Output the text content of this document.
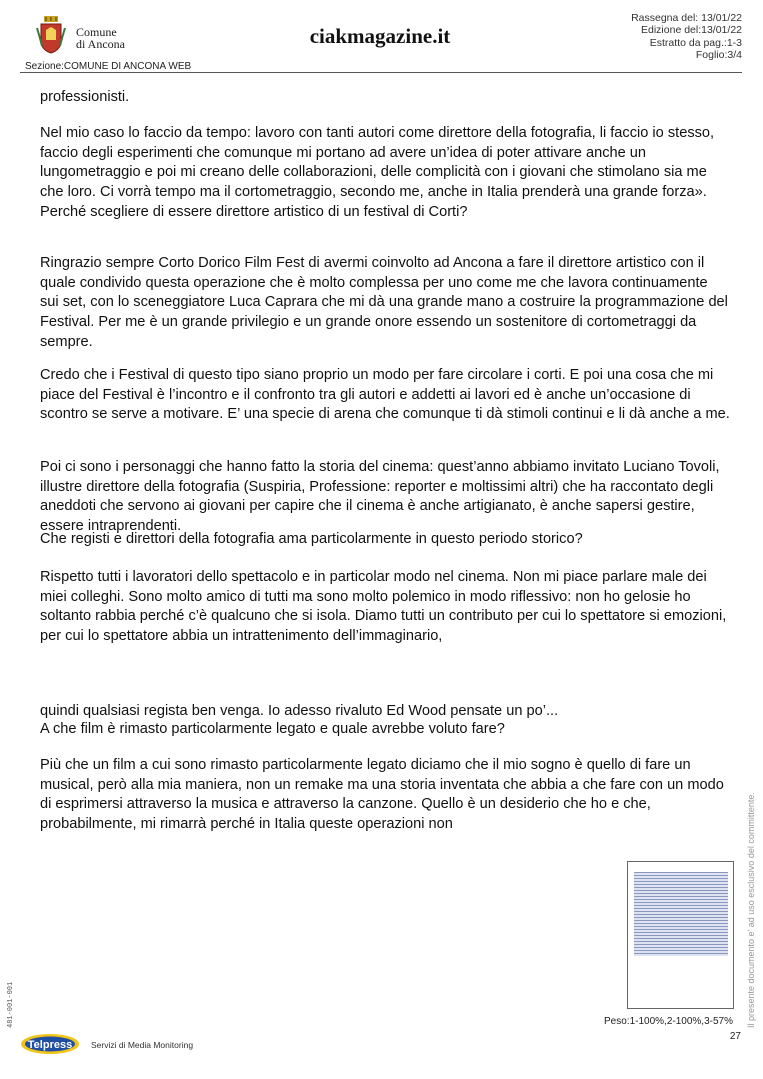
Comune
di Ancona	ciakmagazine.it
Rassegna del: 13/01/22
Edizione del:13/01/22
Estratto da pag.:1-3
Foglio:3/4
Sezione:COMUNE DI ANCONA WEB

professionisti.

Nel mio caso lo faccio da tempo: lavoro con tanti autori come direttore della fotografia, li faccio io stesso, faccio degli esperimenti che comunque mi portano ad avere un’idea di poter attivare anche un lungometraggio e poi mi creano delle collaborazioni, delle complicità con i giovani che stimolano sia me che loro. Ci vorrà tempo ma il cortometraggio, secondo me, anche in Italia prenderà una grande forza».
Perché scegliere di essere direttore artistico di un festival di Corti?

Ringrazio sempre Corto Dorico Film Fest di avermi coinvolto ad Ancona a fare il direttore artistico con il quale condivido questa operazione che è molto complessa per uno come me che lavora continuamente sui set, con lo sceneggiatore Luca Caprara che mi dà una grande mano a costruire la programmazione del Festival. Per me è un grande privilegio e un grande onore essendo un sostenitore di cortometraggi da sempre.

Credo che i Festival di questo tipo siano proprio un modo per fare circolare i corti. E poi una cosa che mi piace del Festival è l’incontro e il confronto tra gli autori e addetti ai lavori ed è anche un’occasione di scontro se serve a motivare. E’ una specie di arena che comunque ti dà stimoli continui e li dà anche a me.

Poi ci sono i personaggi che hanno fatto la storia del cinema: quest’anno abbiamo invitato Luciano Tovoli, illustre direttore della fotografia (Suspiria, Professione: reporter e moltissimi altri) che ha raccontato degli aneddoti che servono ai giovani per capire che il cinema è anche artigianato, è anche sapersi gestire, essere intraprendenti.

Che registi e direttori della fotografia ama particolarmente in questo periodo storico?

Rispetto tutti i lavoratori dello spettacolo e in particolar modo nel cinema. Non mi piace parlare male dei miei colleghi. Sono molto amico di tutti ma sono molto polemico in modo riflessivo: non ho gelosie ho soltanto rabbia perché c’è qualcuno che si isola. Diamo tutti un contributo per cui lo spettatore si emozioni, per cui lo spettatore abbia un intrattenimento dell’immaginario,

quindi qualsiasi regista ben venga. Io adesso rivaluto Ed Wood pensate un po’...

A che film è rimasto particolarmente legato e quale avrebbe voluto fare?

Più che un film a cui sono rimasto particolarmente legato diciamo che il mio sogno è quello di fare un musical, però alla mia maniera, non un remake ma una storia inventata che abbia a che fare con un modo di esprimersi attraverso la musica e attraverso la canzone. Quello è un desiderio che ho e che, probabilmente, mi rimarrà perché in Italia queste operazioni non	Il presente documento e' ad uso esclusivo del committente.
481-001-001	Peso:1-100%,2-100%,3-57%
27
Telpress Servizi di Media Monitoring
